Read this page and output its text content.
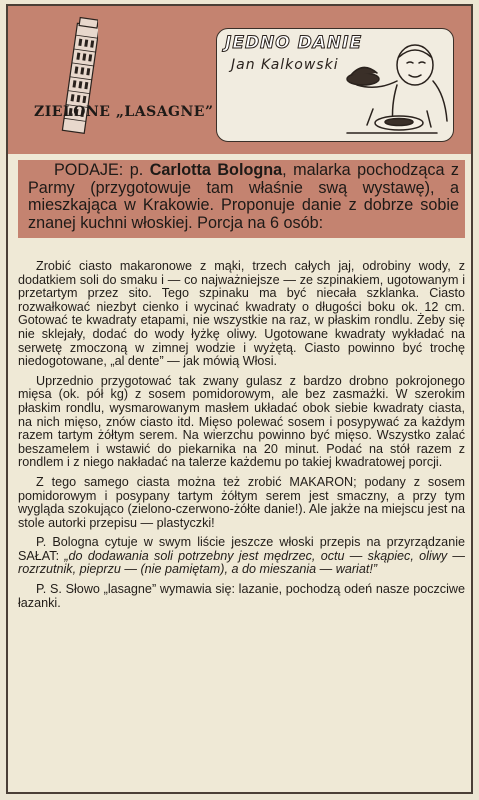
JEDNO DANIE
Jan Kalkowski
ZIELONE „LASAGNE”
PODAJE: p. Carlotta Bologna, malarka pochodząca z Parmy (przygotowuje tam właśnie swą wystawę), a mieszkająca w Krakowie. Proponuje danie z dobrze sobie znanej kuchni włoskiej. Porcja na 6 osób:

Zrobić ciasto makaronowe z mąki, trzech całych jaj, odrobiny wody, z dodatkiem soli do smaku i — co najważniejsze — ze szpinakiem, ugotowanym i przetartym przez sito. Tego szpinaku ma być niecała szklanka. Ciasto rozwałkować niezbyt cienko i wycinać kwadraty o długości boku ok. 12 cm. Gotować te kwadraty etapami, nie wszystkie na raz, w płaskim rondlu. Żeby się nie sklejały, dodać do wody łyżkę oliwy. Ugotowane kwadraty wykładać na serwetę zmoczoną w zimnej wodzie i wyżętą. Ciasto powinno być trochę niedogotowane, „al dente” — jak mówią Włosi.

Uprzednio przygotować tak zwany gulasz z bardzo drobno pokrojonego mięsa (ok. pół kg) z sosem pomidorowym, ale bez zasmażki. W szerokim płaskim rondlu, wysmarowanym masłem układać obok siebie kwadraty ciasta, na nich mięso, znów ciasto itd. Mięso polewać sosem i posypywać za każdym razem tartym żółtym serem. Na wierzchu powinno być mięso. Wszystko zalać beszamelem i wstawić do piekarnika na 20 minut. Podać na stół razem z rondlem i z niego nakładać na talerze każdemu po takiej kwadratowej porcji.

Z tego samego ciasta można też zrobić MAKARON; podany z sosem pomidorowym i posypany tartym żółtym serem jest smaczny, a przy tym wygląda szokująco (zielono-czerwono-żółte danie!). Ale jakże na miejscu jest na stole autorki przepisu — plastyczki!

P. Bologna cytuje w swym liście jeszcze włoski przepis na przyrządzanie SAŁAT: „do dodawania soli potrzebny jest mędrzec, octu — skąpiec, oliwy — rozrzutnik, pieprzu — (nie pamiętam), a do mieszania — wariat!”

P. S. Słowo „lasagne” wymawia się: lazanie, pochodzą odeń nasze poczciwe łazanki.
